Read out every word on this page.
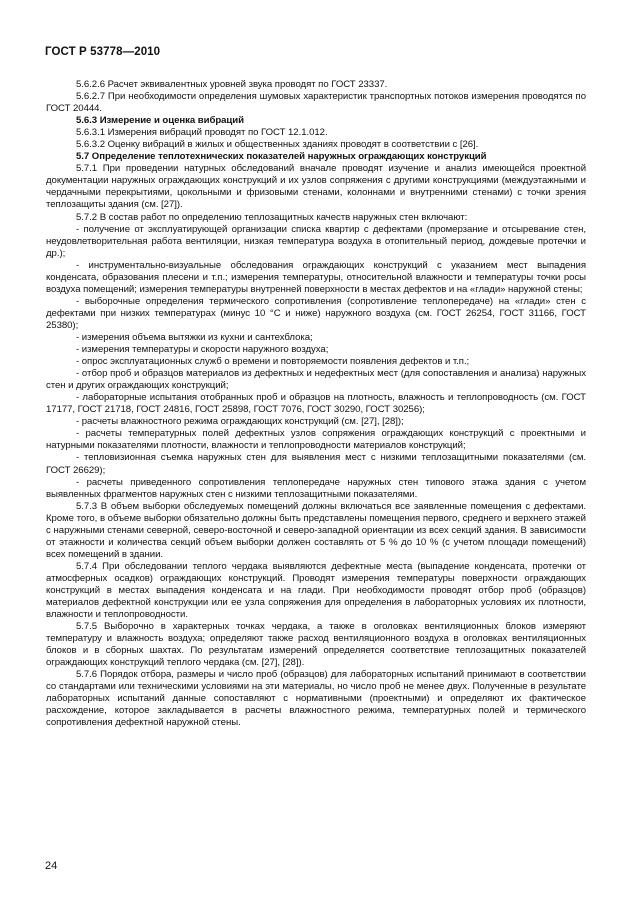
ГОСТ Р 53778—2010

5.6.2.6 Расчет эквивалентных уровней звука проводят по ГОСТ 23337.

5.6.2.7 При необходимости определения шумовых характеристик транспортных потоков измерения проводятся по ГОСТ 20444.

5.6.3 Измерение и оценка вибраций

5.6.3.1 Измерения вибраций проводят по ГОСТ 12.1.012.

5.6.3.2 Оценку вибраций в жилых и общественных зданиях проводят в соответствии с [26].

5.7 Определение теплотехнических показателей наружных ограждающих конструкций

5.7.1 При проведении натурных обследований вначале проводят изучение и анализ имеющейся проектной документации наружных ограждающих конструкций и их узлов сопряжения с другими конструкциями (междуэтажными и чердачными перекрытиями, цокольными и фризовыми стенами, колоннами и внутренними стенами) с точки зрения теплозащиты здания (см. [27]).

5.7.2 В состав работ по определению теплозащитных качеств наружных стен включают:

- получение от эксплуатирующей организации списка квартир с дефектами (промерзание и отсыревание стен, неудовлетворительная работа вентиляции, низкая температура воздуха в отопительный период, дождевые протечки и др.);

- инструментально-визуальные обследования ограждающих конструкций с указанием мест выпадения конденсата, образования плесени и т.п.; измерения температуры, относительной влажности и температуры точки росы воздуха помещений; измерения температуры внутренней поверхности в местах дефектов и на «глади» наружной стены;

- выборочные определения термического сопротивления (сопротивление теплопередаче) на «глади» стен с дефектами при низких температурах (минус 10 °С и ниже) наружного воздуха (см. ГОСТ 26254, ГОСТ 31166, ГОСТ 25380);

- измерения объема вытяжки из кухни и сантехблока;

- измерения температуры и скорости наружного воздуха;

- опрос эксплуатационных служб о времени и повторяемости появления дефектов и т.п.;

- отбор проб и образцов материалов из дефектных и недефектных мест (для сопоставления и анализа) наружных стен и других ограждающих конструкций;

- лабораторные испытания отобранных проб и образцов на плотность, влажность и теплопроводность (см. ГОСТ 17177, ГОСТ 21718, ГОСТ 24816, ГОСТ 25898, ГОСТ 7076, ГОСТ 30290, ГОСТ 30256);

- расчеты влажностного режима ограждающих конструкций (см. [27], [28]);

- расчеты температурных полей дефектных узлов сопряжения ограждающих конструкций с проектными и натурными показателями плотности, влажности и теплопроводности материалов конструкций;

- тепловизионная съемка наружных стен для выявления мест с низкими теплозащитными показателями (см. ГОСТ 26629);

- расчеты приведенного сопротивления теплопередаче наружных стен типового этажа здания с учетом выявленных фрагментов наружных стен с низкими теплозащитными показателями.

5.7.3 В объем выборки обследуемых помещений должны включаться все заявленные помещения с дефектами. Кроме того, в объеме выборки обязательно должны быть представлены помещения первого, среднего и верхнего этажей с наружными стенами северной, северо-восточной и северо-западной ориентации из всех секций здания. В зависимости от этажности и количества секций объем выборки должен составлять от 5 % до 10 % (с учетом площади помещений) всех помещений в здании.

5.7.4 При обследовании теплого чердака выявляются дефектные места (выпадение конденсата, протечки от атмосферных осадков) ограждающих конструкций. Проводят измерения температуры поверхности ограждающих конструкций в местах выпадения конденсата и на глади. При необходимости проводят отбор проб (образцов) материалов дефектной конструкции или ее узла сопряжения для определения в лабораторных условиях их плотности, влажности и теплопроводности.

5.7.5 Выборочно в характерных точках чердака, а также в оголовках вентиляционных блоков измеряют температуру и влажность воздуха; определяют также расход вентиляционного воздуха в оголовках вентиляционных блоков и в сборных шахтах. По результатам измерений определяется соответствие теплозащитных показателей ограждающих конструкций теплого чердака (см. [27], [28]).

5.7.6 Порядок отбора, размеры и число проб (образцов) для лабораторных испытаний принимают в соответствии со стандартами или техническими условиями на эти материалы, но число проб не менее двух. Полученные в результате лабораторных испытаний данные сопоставляют с нормативными (проектными) и определяют их фактическое расхождение, которое закладывается в расчеты влажностного режима, температурных полей и термического сопротивления дефектной наружной стены.

24
